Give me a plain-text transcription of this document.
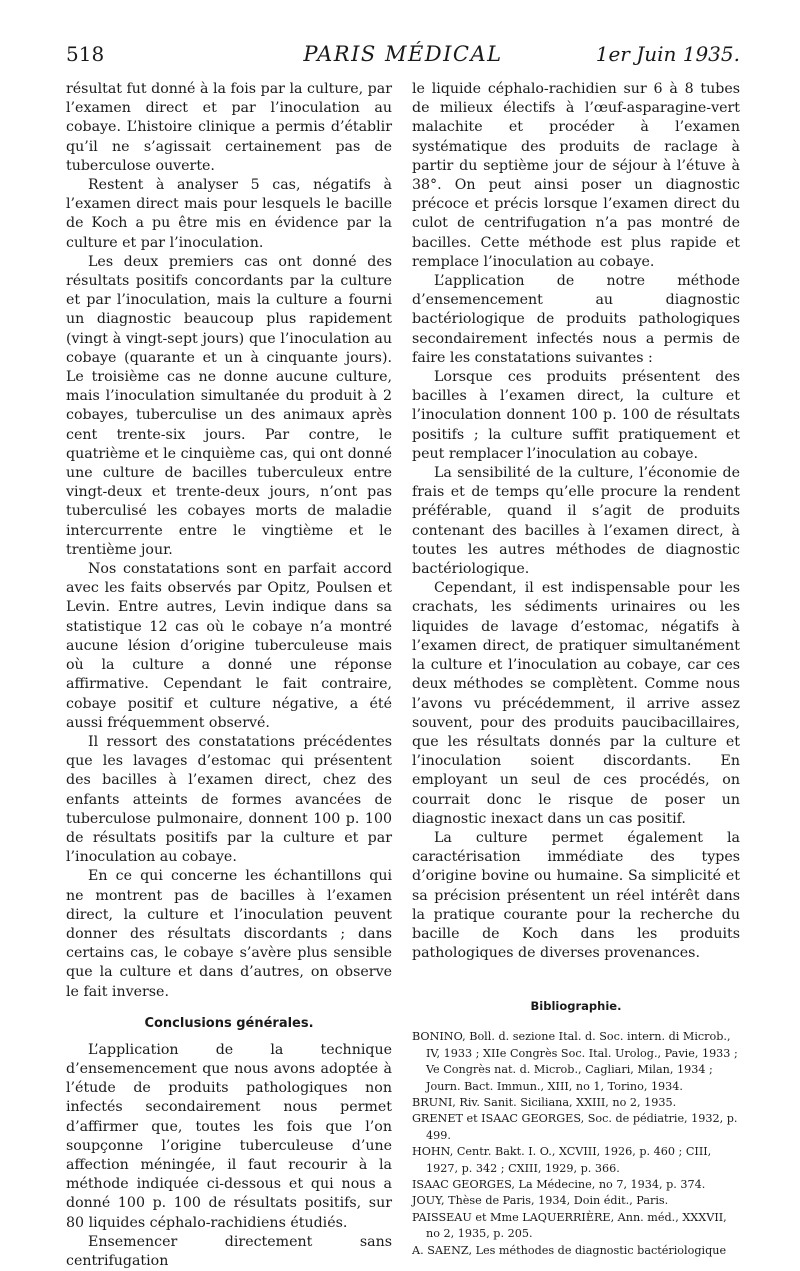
518	PARIS MÉDICAL	1er Juin 1935.

résultat fut donné à la fois par la culture, par l’examen direct et par l’inoculation au cobaye. L’histoire clinique a permis d’établir qu’il ne s’agissait certainement pas de tuberculose ouverte.

Restent à analyser 5 cas, négatifs à l’examen direct mais pour lesquels le bacille de Koch a pu être mis en évidence par la culture et par l’inoculation.

Les deux premiers cas ont donné des résultats positifs concordants par la culture et par l’inoculation, mais la culture a fourni un diagnostic beaucoup plus rapidement (vingt à vingt-sept jours) que l’inoculation au cobaye (quarante et un à cinquante jours). Le troisième cas ne donne aucune culture, mais l’inoculation simultanée du produit à 2 cobayes, tuberculise un des animaux après cent trente-six jours. Par contre, le quatrième et le cinquième cas, qui ont donné une culture de bacilles tuberculeux entre vingt-deux et trente-deux jours, n’ont pas tuberculisé les cobayes morts de maladie intercurrente entre le vingtième et le trentième jour.

Nos constatations sont en parfait accord avec les faits observés par Opitz, Poulsen et Levin. Entre autres, Levin indique dans sa statistique 12 cas où le cobaye n’a montré aucune lésion d’origine tuberculeuse mais où la culture a donné une réponse affirmative. Cependant le fait contraire, cobaye positif et culture négative, a été aussi fréquemment observé.

Il ressort des constatations précédentes que les lavages d’estomac qui présentent des bacilles à l’examen direct, chez des enfants atteints de formes avancées de tuberculose pulmonaire, donnent 100 p. 100 de résultats positifs par la culture et par l’inoculation au cobaye.

En ce qui concerne les échantillons qui ne montrent pas de bacilles à l’examen direct, la culture et l’inoculation peuvent donner des résultats discordants ; dans certains cas, le cobaye s’avère plus sensible que la culture et dans d’autres, on observe le fait inverse.

Conclusions générales.

L’application de la technique d’ensemencement que nous avons adoptée à l’étude de produits pathologiques non infectés secondairement nous permet d’affirmer que, toutes les fois que l’on soupçonne l’origine tuberculeuse d’une affection méningée, il faut recourir à la méthode indiquée ci-dessous et qui nous a donné 100 p. 100 de résultats positifs, sur 80 liquides céphalo-rachidiens étudiés.

Ensemencer directement sans centrifugation

le liquide céphalo-rachidien sur 6 à 8 tubes de milieux électifs à l’œuf-asparagine-vert malachite et procéder à l’examen systématique des produits de raclage à partir du septième jour de séjour à l’étuve à 38°. On peut ainsi poser un diagnostic précoce et précis lorsque l’examen direct du culot de centrifugation n’a pas montré de bacilles. Cette méthode est plus rapide et remplace l’inoculation au cobaye.

L’application de notre méthode d’ensemencement au diagnostic bactériologique de produits pathologiques secondairement infectés nous a permis de faire les constatations suivantes :

Lorsque ces produits présentent des bacilles à l’examen direct, la culture et l’inoculation donnent 100 p. 100 de résultats positifs ; la culture suffit pratiquement et peut remplacer l’inoculation au cobaye.

La sensibilité de la culture, l’économie de frais et de temps qu’elle procure la rendent préférable, quand il s’agit de produits contenant des bacilles à l’examen direct, à toutes les autres méthodes de diagnostic bactériologique.

Cependant, il est indispensable pour les crachats, les sédiments urinaires ou les liquides de lavage d’estomac, négatifs à l’examen direct, de pratiquer simultanément la culture et l’inoculation au cobaye, car ces deux méthodes se complètent. Comme nous l’avons vu précédemment, il arrive assez souvent, pour des produits paucibacillaires, que les résultats donnés par la culture et l’inoculation soient discordants. En employant un seul de ces procédés, on courrait donc le risque de poser un diagnostic inexact dans un cas positif.

La culture permet également la caractérisation immédiate des types d’origine bovine ou humaine. Sa simplicité et sa précision présentent un réel intérêt dans la pratique courante pour la recherche du bacille de Koch dans les produits pathologiques de diverses provenances.

Bibliographie.

BONINO, Boll. d. sezione Ital. d. Soc. intern. di Microb., IV, 1933 ; XIIe Congrès Soc. Ital. Urolog., Pavie, 1933 ; Ve Congrès nat. d. Microb., Cagliari, Milan, 1934 ; Journ. Bact. Immun., XIII, no 1, Torino, 1934.

BRUNI, Riv. Sanit. Siciliana, XXIII, no 2, 1935.

GRENET et ISAAC GEORGES, Soc. de pédiatrie, 1932, p. 499.

HOHN, Centr. Bakt. I. O., XCVIII, 1926, p. 460 ; CIII, 1927, p. 342 ; CXIII, 1929, p. 366.

ISAAC GEORGES, La Médecine, no 7, 1934, p. 374.

JOUY, Thèse de Paris, 1934, Doin édit., Paris.

PAISSEAU et Mme LAQUERRIÈRE, Ann. méd., XXXVII, no 2, 1935, p. 205.

A. SAENZ, Les méthodes de diagnostic bactériologique
